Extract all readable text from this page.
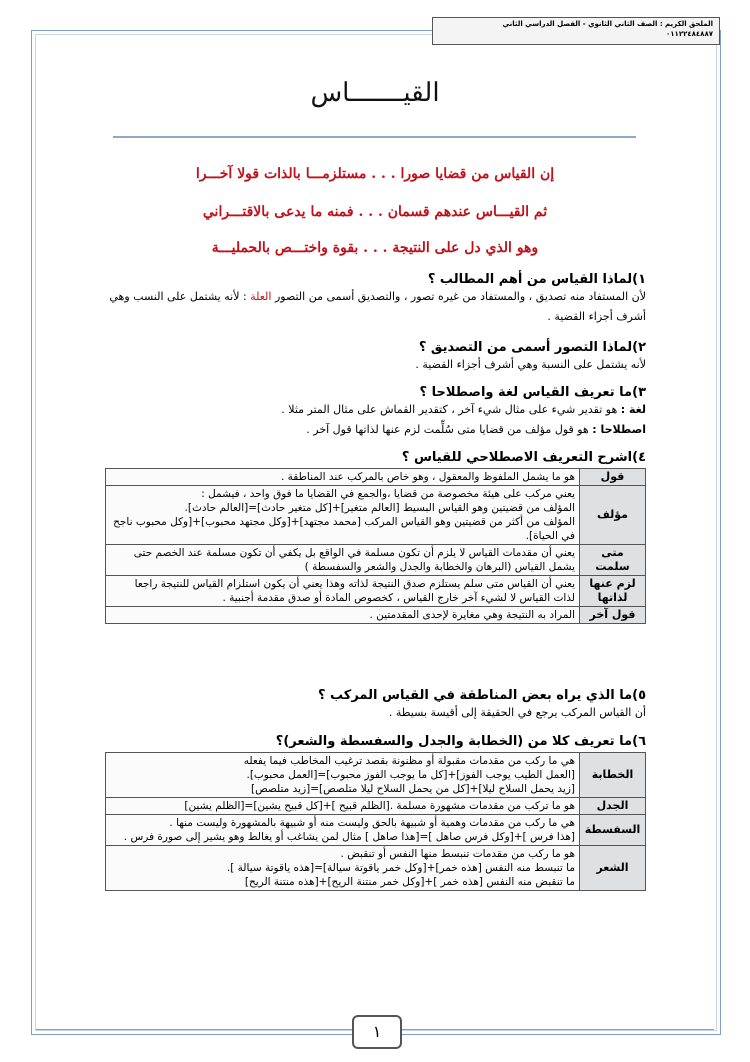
الملحق الكريم : الصف الثاني الثانوي - الفصل الدراسي الثاني
٠١١٢٢٤٨٤٨٨٧
القيـــــــاس
إن القياس من قضايا صورا . . . مستلزمـــا بالذات قولا آخـــرا
ثم القيـــاس عندهم قسمان . . . فمنه ما يدعى بالاقتـــراني
وهو الذي دل على النتيجة . . . بقوة واختـــص بالحمليـــة

١)لماذا القياس من أهم المطالب ؟

لأن المستفاد منه تصديق ، والمستفاد من غيره تصور ، والتصديق أسمى من التصور العلة : لأنه يشتمل على النسب وهي أشرف أجزاء القضية .

٢)لماذا التصور أسمى من التصديق ؟

لأنه يشتمل على النسبة وهي أشرف أجزاء القضية .

٣)ما تعريف القياس لغة واصطلاحا ؟

لغة : هو تقدير شيء على مثال شيء آخر ، كتقدير القماش على مثال المتر مثلا .

اصطلاحا : هو قول مؤلف من قضايا متى سُلِّمت لزم عنها لذاتها قول آخر .

٤)اشرح التعريف الاصطلاحي للقياس ؟

قول	هو ما يشمل الملفوظ والمعقول ، وهو خاص بالمركب عند المناطقة .

مؤلف	يعني مركب على هيئة مخصوصة من قضايا ،والجمع في القضايا ما فوق واحد ، فيشمل :
المؤلف من قضيتين وهو القياس البسيط [العالم متغير]+[كل متغير حادث]=[العالم حادث].
المؤلف من أكثر من قضيتين وهو القياس المركب [محمد مجتهد]+[وكل مجتهد محبوب]+[وكل محبوب ناجح في الحياة].

متى سلمت	يعني أن مقدمات القياس لا يلزم أن تكون مسلمة في الواقع بل يكفي أن تكون مسلمة عند الخصم حتى يشمل القياس (البرهان والخطابة والجدل والشعر والسفسطة )

لزم عنها لذاتها	يعني أن القياس متى سلم يستلزم صدق النتيجة لذاته وهذا يعني أن يكون استلزام القياس للنتيجة راجعا لذات القياس لا لشيء آخر خارج القياس ، كخصوص المادة أو صدق مقدمة أجنبية .

قول آخر	المراد به النتيجة وهي مغايرة لإحدى المقدمتين .

٥)ما الذي يراه بعض المناطقة في القياس المركب ؟

أن القياس المركب يرجع في الحقيقة إلى أقيسة بسيطة .

٦)ما تعريف كلا من (الخطابة والجدل والسفسطة والشعر)؟

الخطابة	هي ما ركب من مقدمات مقبولة أو مظنونة بقصد ترغيب المخاطب فيما يفعله
[العمل الطيب يوجب الفوز]+[كل ما يوجب الفوز محبوب]=[العمل محبوب].
[زيد يحمل السلاح ليلا]+[كل من يحمل السلاح ليلا متلصص]=[زيد متلصص]

الجدل	هو ما تركب من مقدمات مشهورة مسلمة .[الظلم قبيح ]+[كل قبيح يشين]=[الظلم يشين]

السفسطة	هي ما ركب من مقدمات وهمية أو شبيهة بالحق وليست منه أو شبيهة بالمشهورة وليست منها .
[هذا فرس ]+[وكل فرس صاهل ]=[هذا صاهل ] مثال لمن يشاغب أو يغالط وهو يشير إلى صورة فرس .

الشعر	هو ما ركب من مقدمات تنبسط منها النفس أو تنقبض .
ما تنبسط منه النفس [هذه خمر]+[وكل خمر ياقوتة سيالة]=[هذه ياقوتة سيالة ].
ما تنقبض منه النفس [هذه خمر ]+[وكل خمر منتنة الريح]+[هذه منتنة الريح]
١
